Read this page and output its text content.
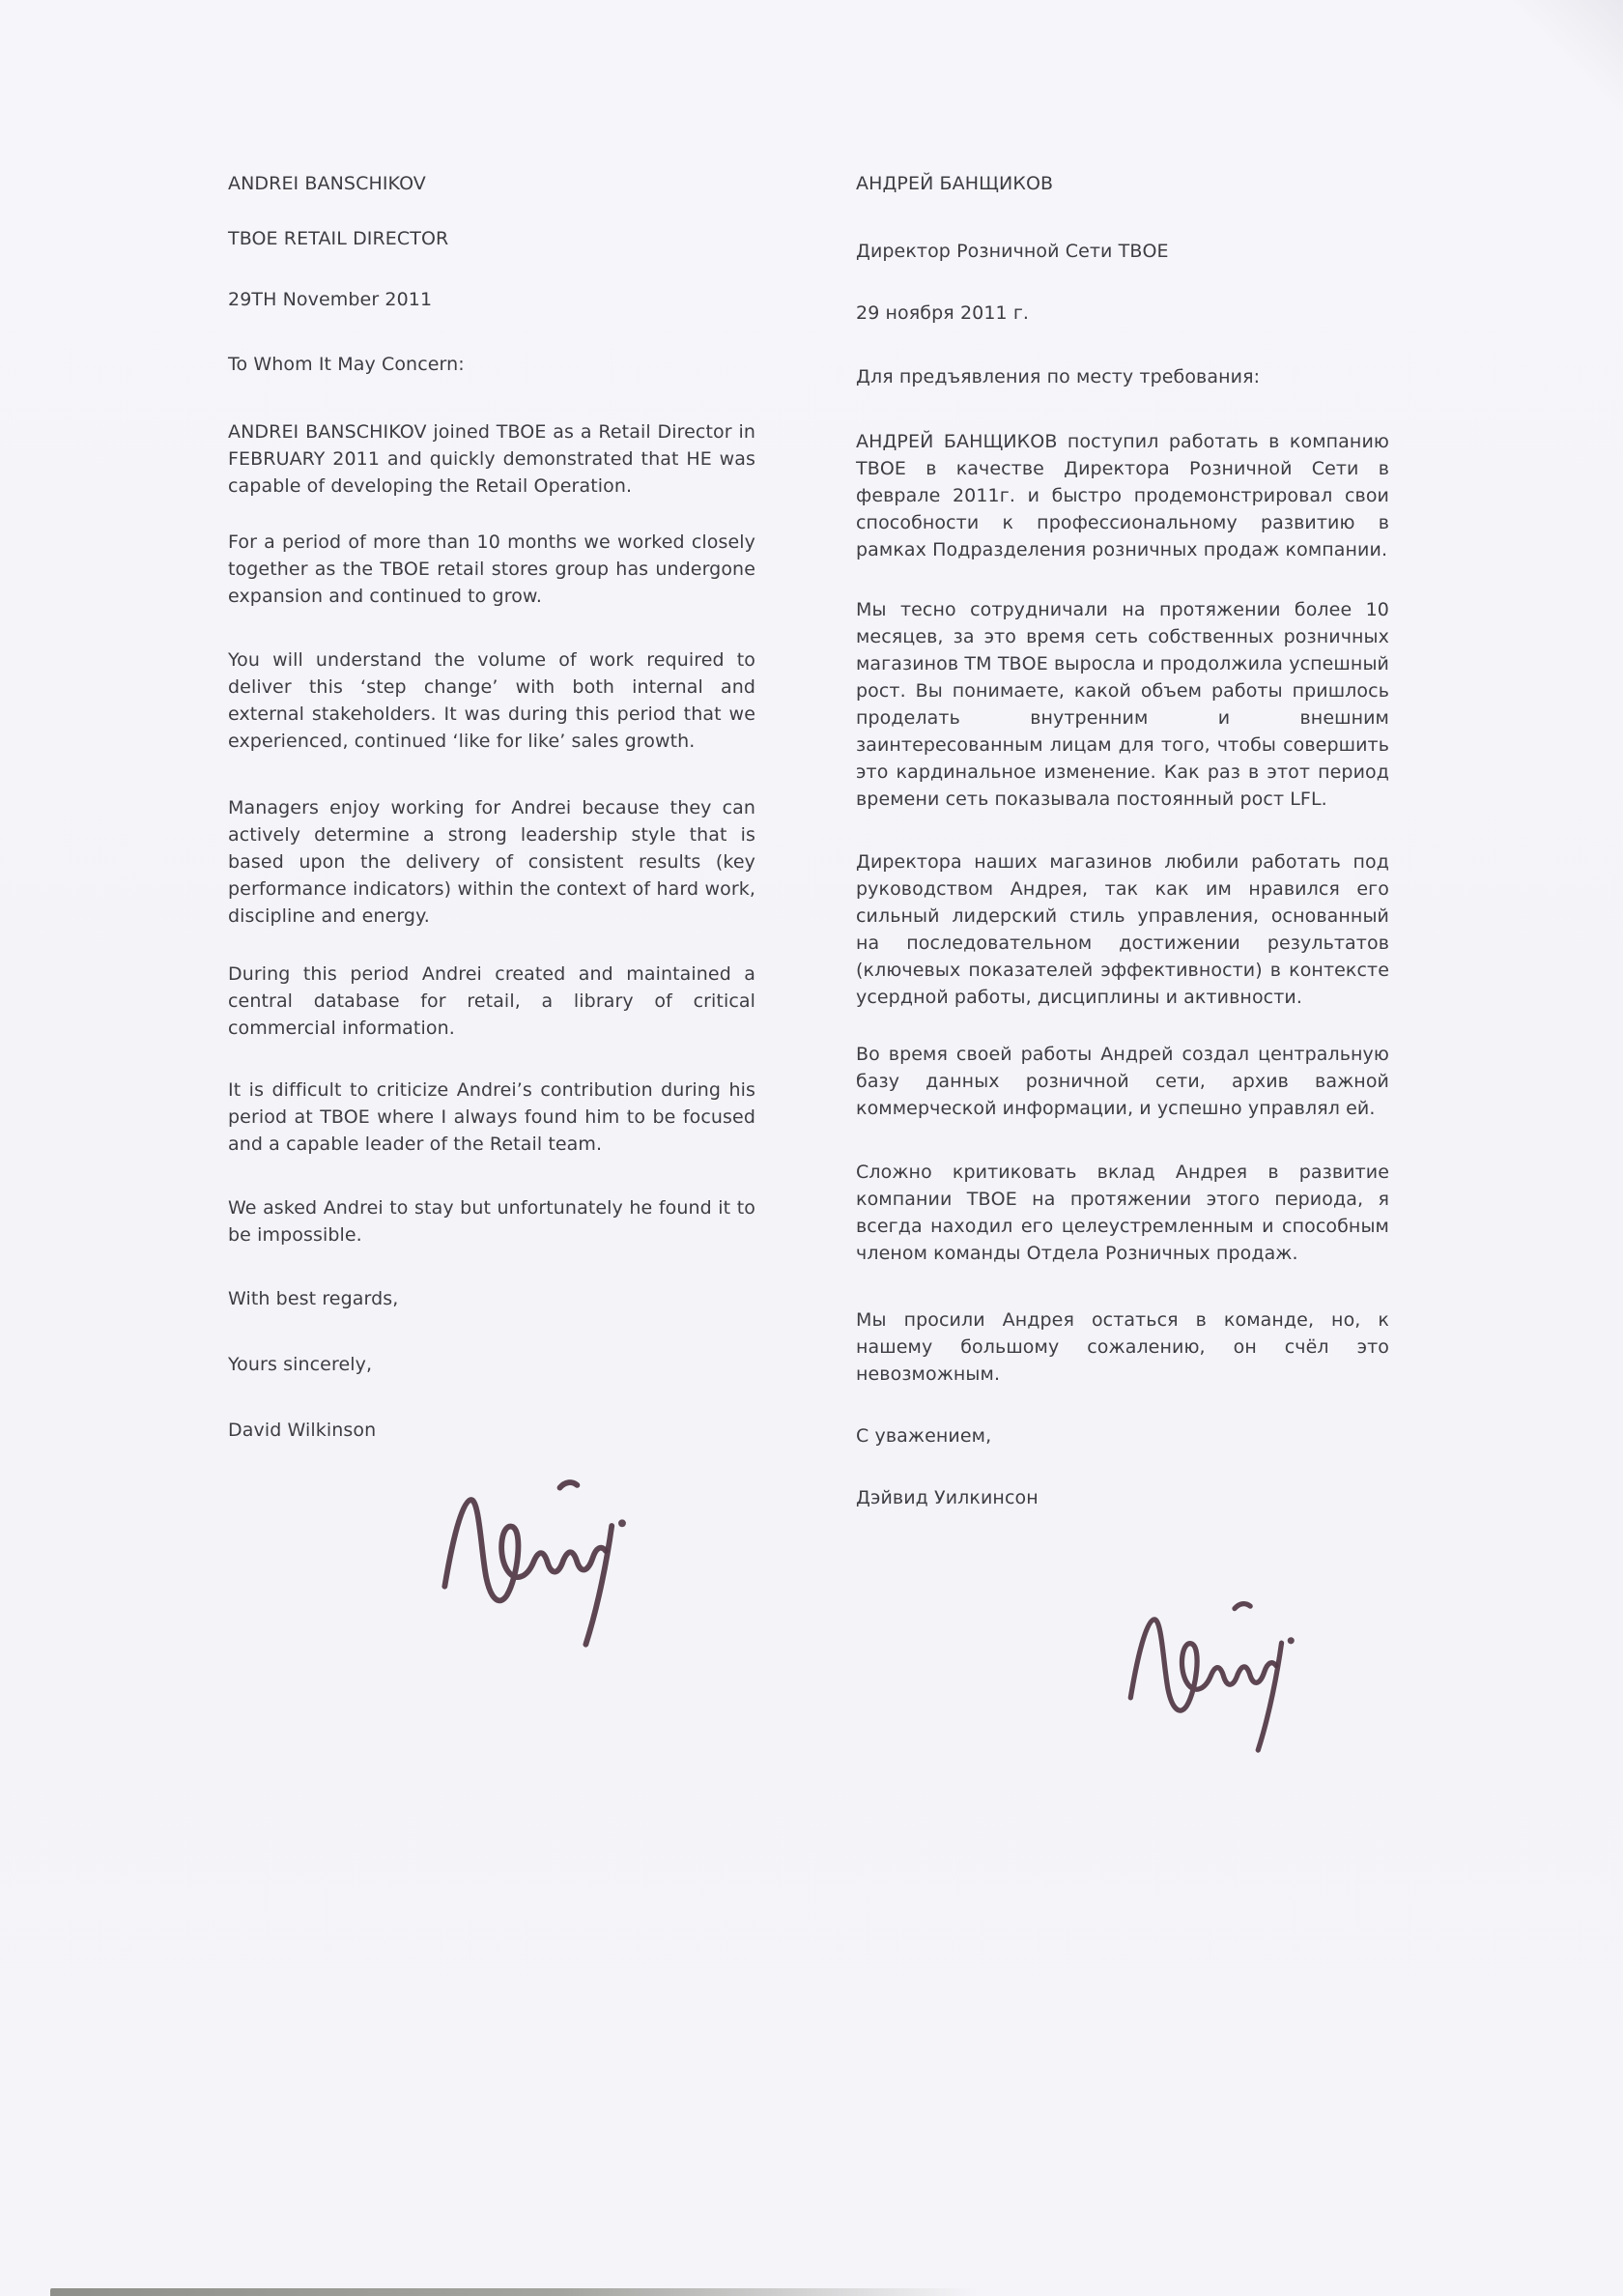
ANDREI BANSCHIKOV

TBOE RETAIL DIRECTOR

29TH November 2011

To Whom It May Concern:

ANDREI BANSCHIKOV joined TBOE as a Retail Director in FEBRUARY 2011 and quickly demonstrated that HE was capable of developing the Retail Operation.

For a period of more than 10 months we worked closely together as the TBOE retail stores group has undergone expansion and continued to grow.

You will understand the volume of work required to deliver this ‘step change’ with both internal and external stakeholders. It was during this period that we experienced, continued ‘like for like’ sales growth.

Managers enjoy working for Andrei because they can actively determine a strong leadership style that is based upon the delivery of consistent results (key performance indicators) within the context of hard work, discipline and energy.

During this period Andrei created and maintained a central database for retail, a library of critical commercial information.

It is difficult to criticize Andrei’s contribution during his period at TBOE where I always found him to be focused and a capable leader of the Retail team.

We asked Andrei to stay but unfortunately he found it to be impossible.

With best regards,

Yours sincerely,

David Wilkinson

АНДРЕЙ БАНЩИКОВ

Директор Розничной Сети ТВОЕ

29 ноября 2011 г.

Для предъявления по месту требования:

АНДРЕЙ БАНЩИКОВ поступил работать в компанию ТВОЕ в качестве Директора Розничной Сети в феврале 2011г. и быстро продемонстрировал свои способности к профессиональному развитию в рамках Подразделения розничных продаж компании.

Мы тесно сотрудничали на протяжении более 10 месяцев, за это время сеть собственных розничных магазинов ТМ ТВОЕ выросла и продолжила успешный рост. Вы понимаете, какой объем работы пришлось проделать внутренним и внешним заинтересованным лицам для того, чтобы совершить это кардинальное изменение. Как раз в этот период времени сеть показывала постоянный рост LFL.

Директора наших магазинов любили работать под руководством Андрея, так как им нравился его сильный лидерский стиль управления, основанный на последовательном достижении результатов (ключевых показателей эффективности) в контексте усердной работы, дисциплины и активности.

Во время своей работы Андрей создал центральную базу данных розничной сети, архив важной коммерческой информации, и успешно управлял ей.

Сложно критиковать вклад Андрея в развитие компании ТВОЕ на протяжении этого периода, я всегда находил его целеустремленным и способным членом команды Отдела Розничных продаж.

Мы просили Андрея остаться в команде, но, к нашему большому сожалению, он счёл это невозможным.

С уважением,

Дэйвид Уилкинсон
